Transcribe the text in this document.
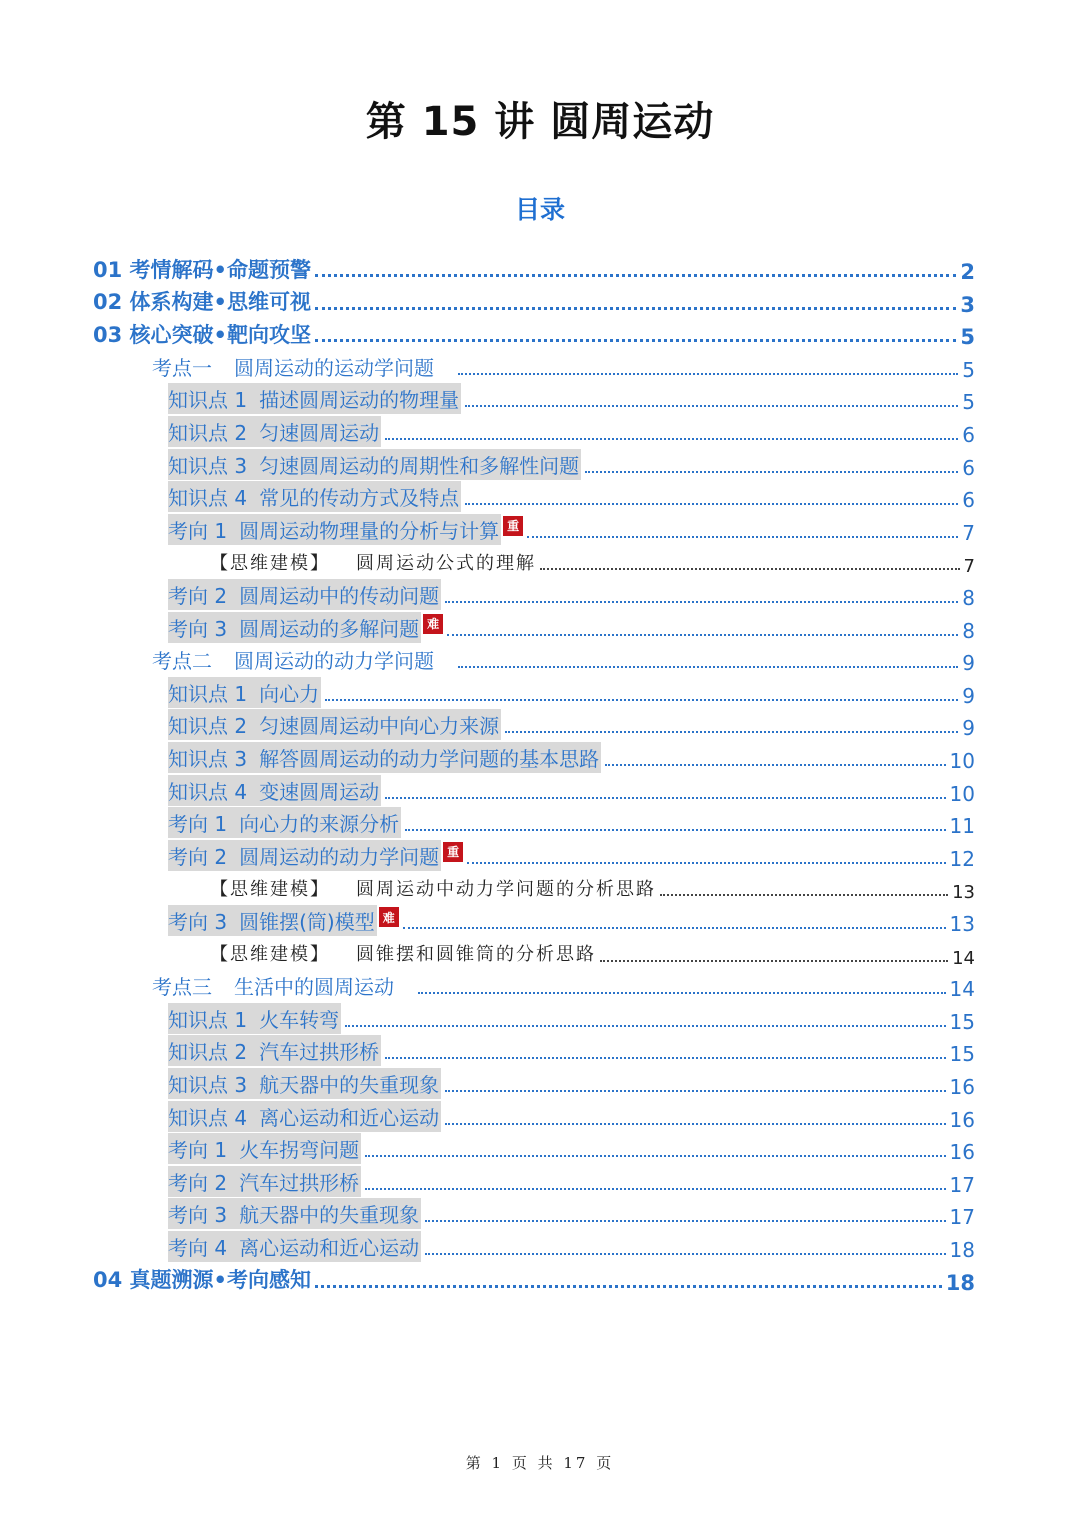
第 15 讲 圆周运动
目录
01 考情解码•命题预警	2
02 体系构建•思维可视	3
03 核心突破•靶向攻坚	5
考点一 圆周运动的运动学问题	5
知识点 1 描述圆周运动的物理量	5
知识点 2 匀速圆周运动	6
知识点 3 匀速圆周运动的周期性和多解性问题	6
知识点 4 常见的传动方式及特点	6
考向 1 圆周运动物理量的分析与计算 重	7
【思维建模】 圆周运动公式的理解	7
考向 2 圆周运动中的传动问题	8
考向 3 圆周运动的多解问题 难	8
考点二 圆周运动的动力学问题	9
知识点 1 向心力	9
知识点 2 匀速圆周运动中向心力来源	9
知识点 3 解答圆周运动的动力学问题的基本思路	10
知识点 4 变速圆周运动	10
考向 1 向心力的来源分析	11
考向 2 圆周运动的动力学问题 重	12
【思维建模】 圆周运动中动力学问题的分析思路	13
考向 3 圆锥摆(筒)模型 难	13
【思维建模】 圆锥摆和圆锥筒的分析思路	14
考点三 生活中的圆周运动	14
知识点 1 火车转弯	15
知识点 2 汽车过拱形桥	15
知识点 3 航天器中的失重现象	16
知识点 4 离心运动和近心运动	16
考向 1 火车拐弯问题	16
考向 2 汽车过拱形桥	17
考向 3 航天器中的失重现象	17
考向 4 离心运动和近心运动	18
04 真题溯源•考向感知	18
第 1 页 共 17 页
